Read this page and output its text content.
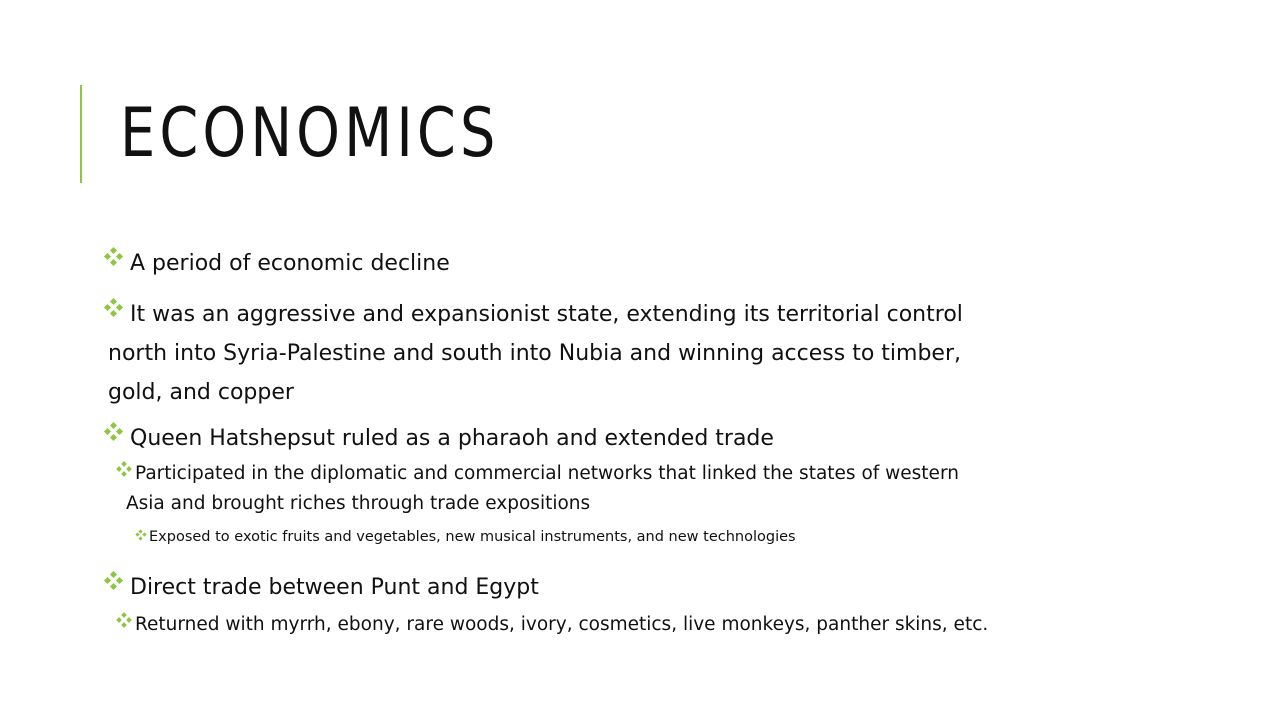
ECONOMICS
A period of economic decline
It was an aggressive and expansionist state, extending its territorial control
north into Syria-Palestine and south into Nubia and winning access to timber,
gold, and copper
Queen Hatshepsut ruled as a pharaoh and extended trade
Participated in the diplomatic and commercial networks that linked the states of western
Asia and brought riches through trade expositions
Exposed to exotic fruits and vegetables, new musical instruments, and new technologies
Direct trade between Punt and Egypt
Returned with myrrh, ebony, rare woods, ivory, cosmetics, live monkeys, panther skins, etc.
